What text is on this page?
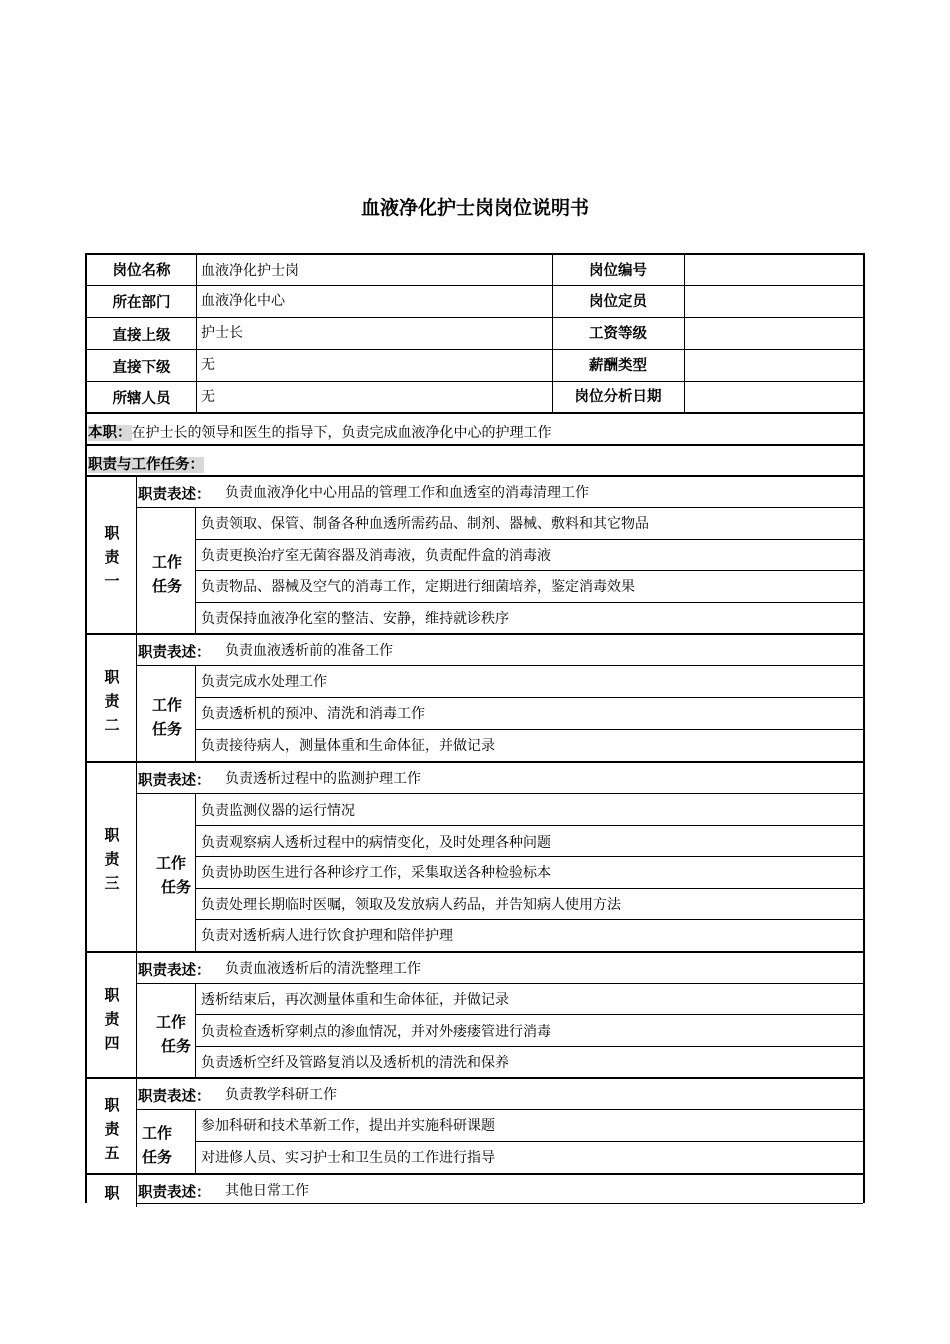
血液净化护士岗岗位说明书
岗位名称	血液净化护士岗	岗位编号
所在部门	血液净化中心	岗位定员
直接上级	护士长	工资等级
直接下级	无	薪酬类型
所辖人员	无	岗位分析日期
本职：在护士长的领导和医生的指导下，负责完成血液净化中心的护理工作
职责与工作任务：
职
责
一
职责表述：	负责血液净化中心用品的管理工作和血透室的消毒清理工作
工作
任务
负责领取、保管、制备各种血透所需药品、制剂、器械、敷料和其它物品
负责更换治疗室无菌容器及消毒液，负责配件盒的消毒液
负责物品、器械及空气的消毒工作，定期进行细菌培养，鉴定消毒效果
负责保持血液净化室的整洁、安静，维持就诊秩序
职
责
二
职责表述： 负责血液透析前的准备工作
工作
任务
负责完成水处理工作
负责透析机的预冲、清洗和消毒工作
负责接待病人，测量体重和生命体征，并做记录
职
责
三
职责表述： 负责透析过程中的监测护理工作
工作
任务
负责监测仪器的运行情况
负责观察病人透析过程中的病情变化，及时处理各种问题
负责协助医生进行各种诊疗工作，采集取送各种检验标本
负责处理长期临时医嘱，领取及发放病人药品，并告知病人使用方法
负责对透析病人进行饮食护理和陪伴护理
职
责
四
职责表述： 负责血液透析后的清洗整理工作
工作
任务
透析结束后，再次测量体重和生命体征，并做记录
负责检查透析穿刺点的渗血情况，并对外瘘瘘管进行消毒
负责透析空纤及管路复消以及透析机的清洗和保养
职
责
五
职责表述： 负责教学科研工作
工作
任务
参加科研和技术革新工作，提出并实施科研课题
对进修人员、实习护士和卫生员的工作进行指导
职	职责表述： 其他日常工作
